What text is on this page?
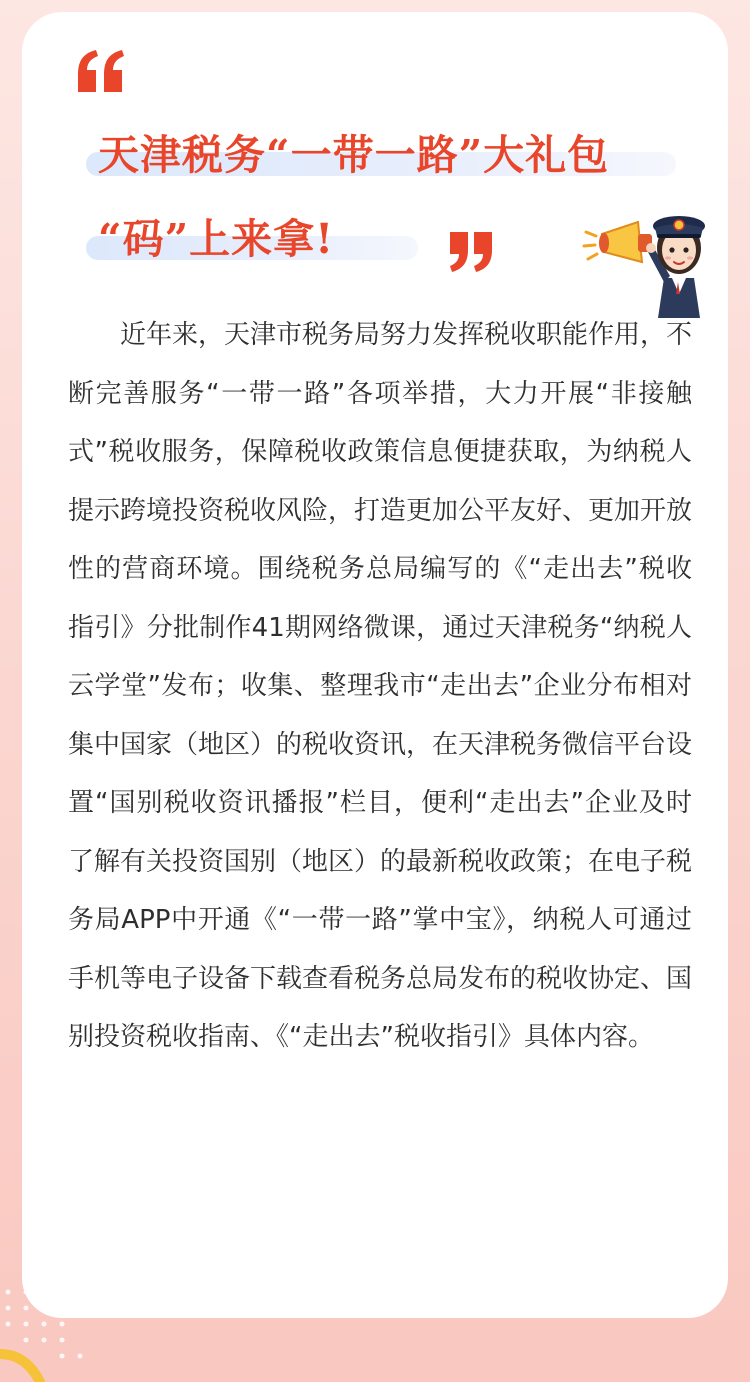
天津税务“一带一路”大礼包
“码”上来拿!

近年来，天津市税务局努力发挥税收职能作用，不断完善服务“一带一路”各项举措，大力开展“非接触式”税收服务，保障税收政策信息便捷获取，为纳税人提示跨境投资税收风险，打造更加公平友好、更加开放性的营商环境。围绕税务总局编写的《“走出去”税收指引》分批制作41期网络微课，通过天津税务“纳税人云学堂”发布；收集、整理我市“走出去”企业分布相对集中国家（地区）的税收资讯，在天津税务微信平台设置“国别税收资讯播报”栏目，便利“走出去”企业及时了解有关投资国别（地区）的最新税收政策；在电子税务局APP中开通《“一带一路”掌中宝》，纳税人可通过手机等电子设备下载查看税务总局发布的税收协定、国别投资税收指南、《“走出去”税收指引》具体内容。
